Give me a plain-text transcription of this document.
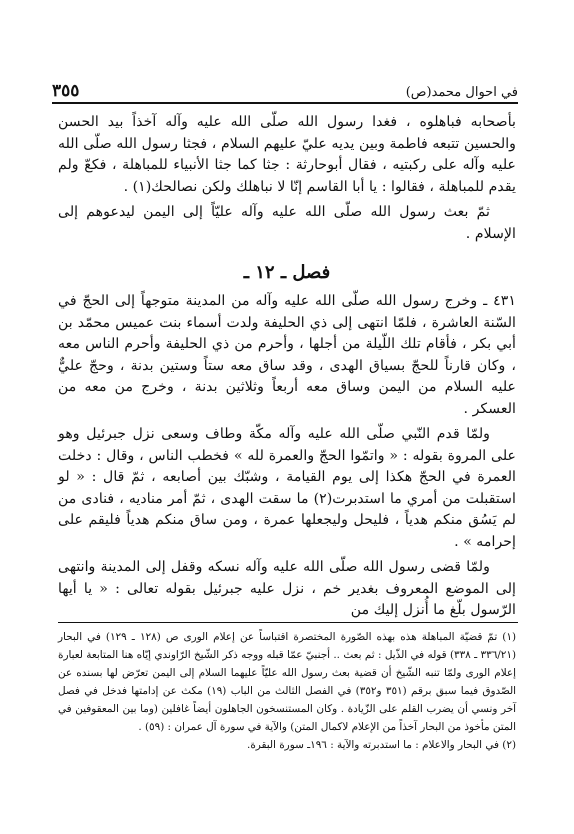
في احوال محمد(ص)
٣٥٥

بأصحابه فباهلوه ، فغدا رسول الله صلّى الله عليه وآله آخذاً بيد الحسن والحسين تتبعه فاطمة وبين يديه عليّ عليهم السلام ، فجثا رسول الله صلّى الله عليه وآله على ركبتيه ، فقال أبوحارثة : جثا كما جثا الأنبياء للمباهلة ، فكعّ ولم يقدم للمباهلة ، فقالوا : يا أبا القاسم إنّا لا نباهلك ولكن نصالحك(١) .

ثمّ بعث رسول الله صلّى الله عليه وآله عليّاً إلى اليمن ليدعوهم إلى الإسلام .

فصل ـ ١٢ ـ

٤٣١ ـ وخرج رسول الله صلّى الله عليه وآله من المدينة متوجهاً إلى الحجّ في السّنة العاشرة ، فلمّا انتهى إلى ذي الحليفة ولدت أسماء بنت عميس محمّد بن أبي بكر ، فأقام تلك اللّيلة من أجلها ، وأحرم من ذي الحليفة وأحرم الناس معه ، وكان قارناً للحجّ بسياق الهدى ، وقد ساق معه ستاً وستين بدنة ، وحجّ عليٌّ عليه السلام من اليمن وساق معه أربعاً وثلاثين بدنة ، وخرج من معه من العسكر .

ولمّا قدم النّبي صلّى الله عليه وآله مكّة وطاف وسعى نزل جبرئيل وهو على المروة بقوله : « واتمّوا الحجّ والعمرة لله » فخطب الناس ، وقال : دخلت العمرة في الحجّ هكذا إلى يوم القيامة ، وشبّك بين أصابعه ، ثمّ قال : « لو استقبلت من أمري ما استدبرت(٢) ما سقت الهدى ، ثمّ أمر مناديه ، فنادى من لم يَسُق منكم هدياً ، فليحل وليجعلها عمرة ، ومن ساق منكم هدياً فليقم على إحرامه » .

ولمّا قضى رسول الله صلّى الله عليه وآله نسكه وقفل إلى المدينة وانتهى إلى الموضع المعروف بغدير خم ، نزل عليه جبرئيل بقوله تعالى : « يا أيها الرّسول بلّغ ما أُنزل إليك من

(١) تمّ قضيّة المباهلة هذه بهذه الصّورة المختصرة اقتباساً عن إعلام الورى ص (١٢٨ ـ ١٢٩) في البحار (٣٣٦/٢١ ـ ٣٣٨) قوله في الذّيل : ثم بعث .. أجنبيّ عمّا قبله ووجه ذكر الشّيخ الرّاوندي إيّاه هنا المتابعة لعبارة إعلام الورى ولمّا تنبه الشّيخ أن قضية بعث رسول الله عليّاً عليهما السلام إلى اليمن تعرّض لها بسنده عن الصّدوق فيما سبق برقم (٣٥١ و٣٥٢) في الفصل الثالث من الباب (١٩) مكث عن إدامتها فدخل في فصل آخر ونسي أن يضرب القلم على الزّيادة . وكان المستنسخون الجاهلون أيضاً غافلين (وما بين المعقوفين في المتن مأخوذ من البحار آخذاً من الإعلام لاكمال المتن) والآية في سورة آل عمران : (٥٩) .

(٢) في البحار والاعلام : ما استدبرته والآية : ١٩٦ـ سورة البقرة.
